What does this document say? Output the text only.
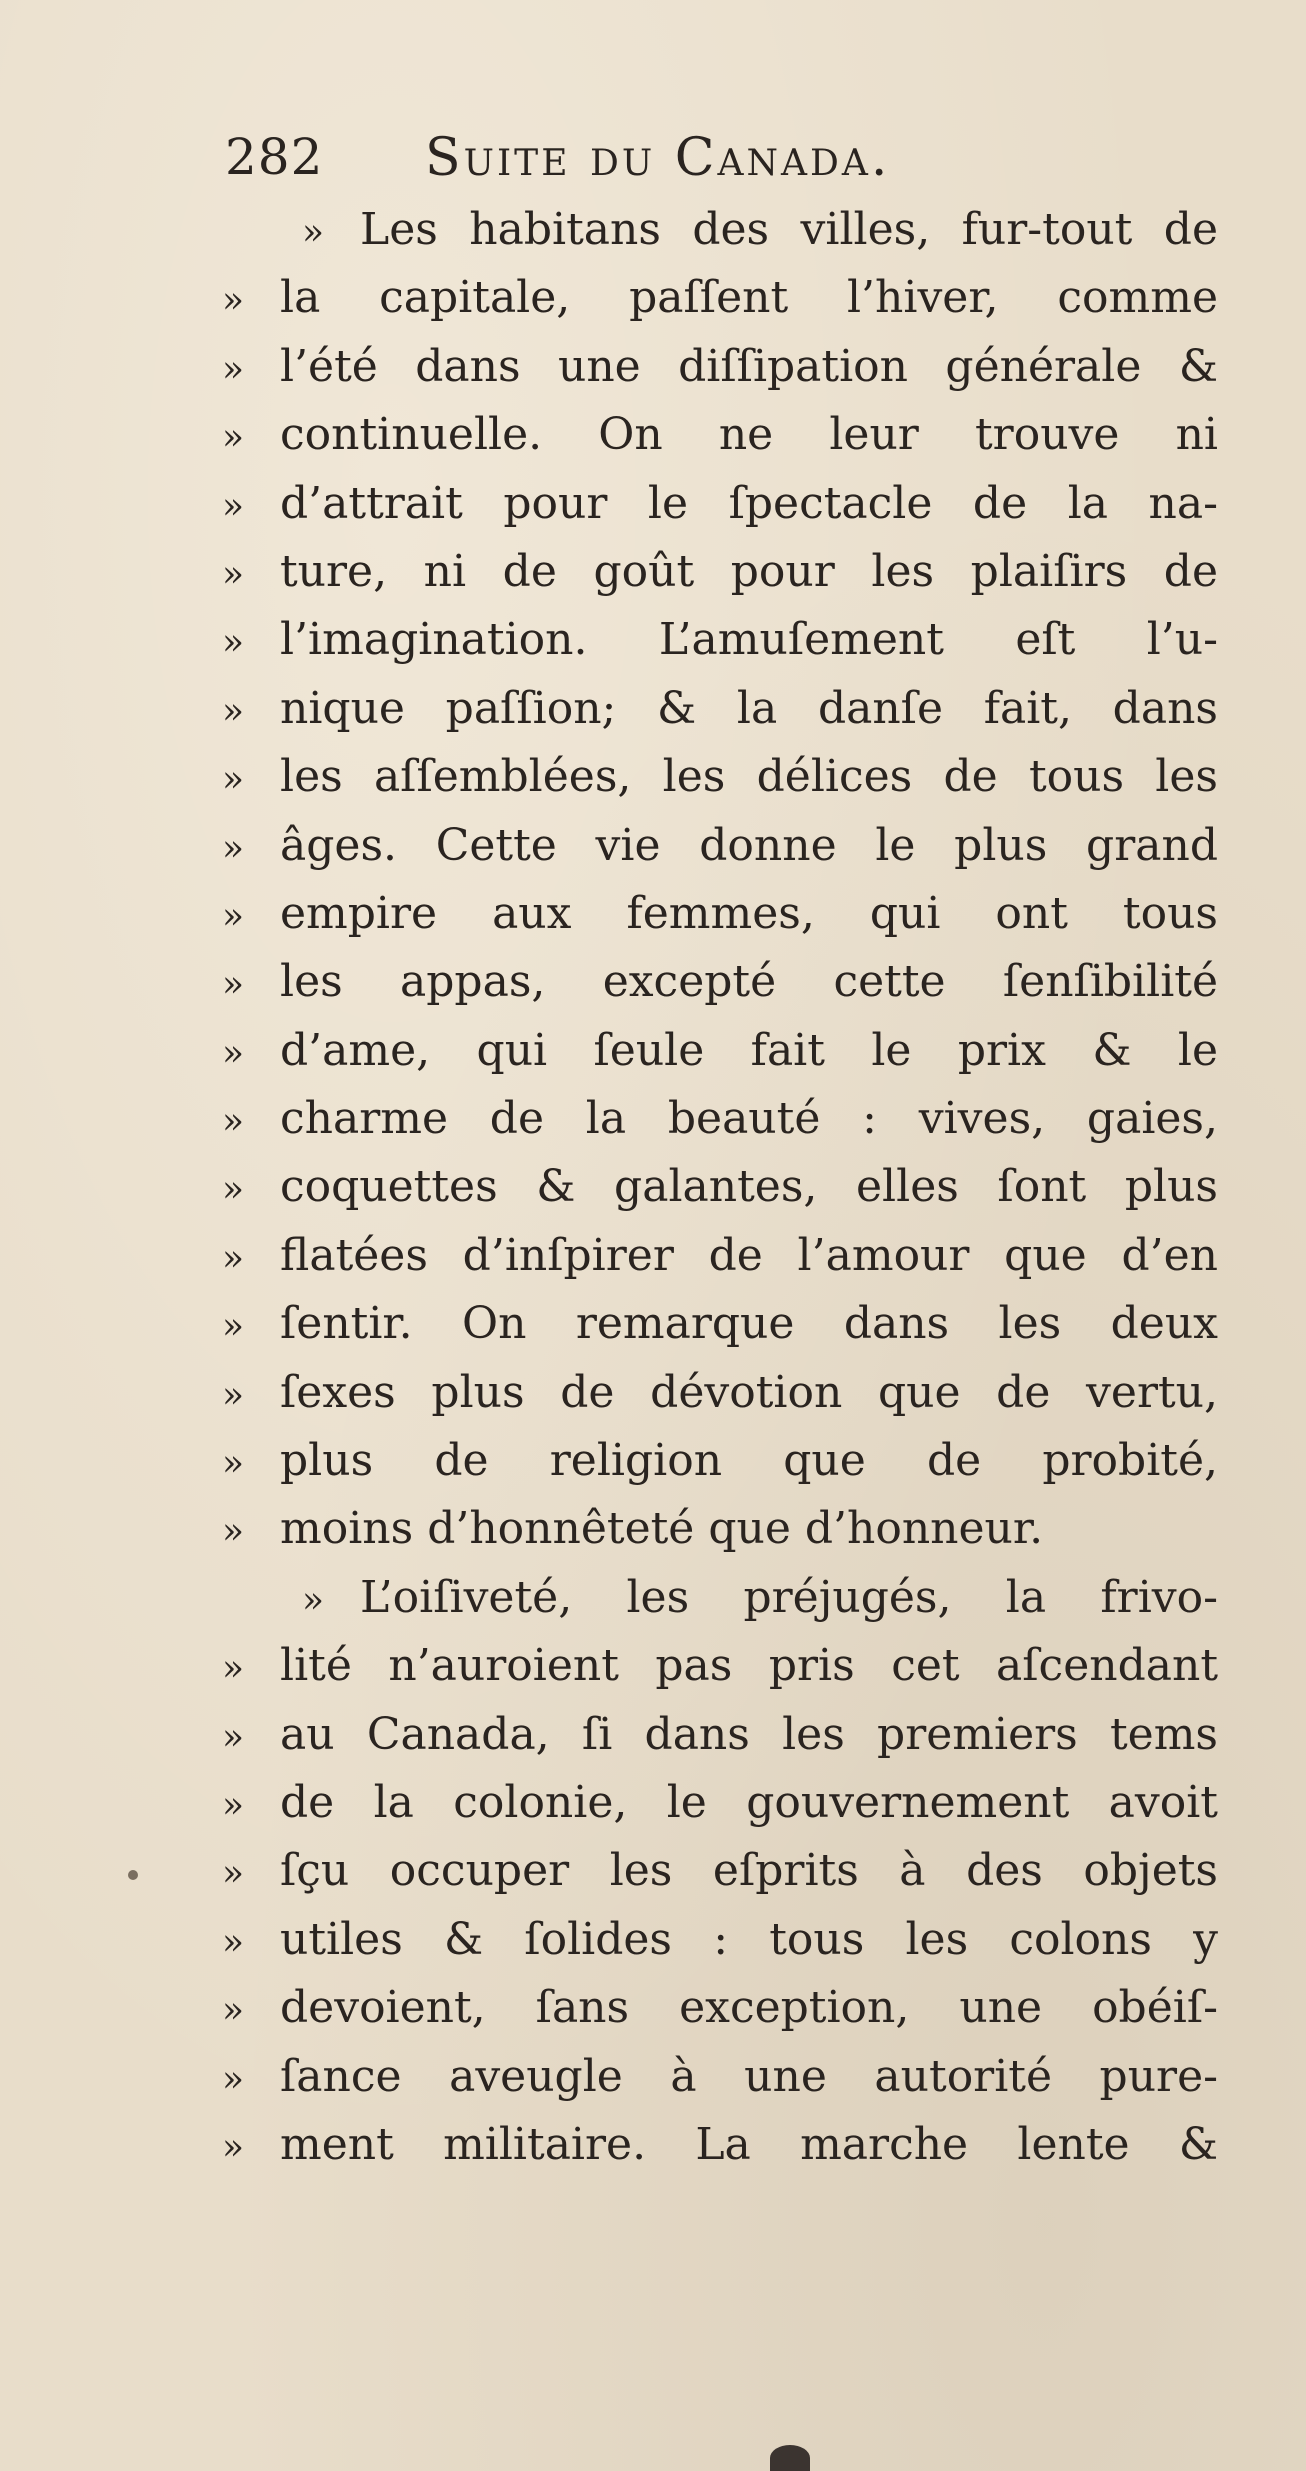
282 Suite du Canada.
» Les habitans des villes, fur-tout de
» la capitale, paſſent l’hiver, comme
» l’été dans une diſſipation générale &
» continuelle. On ne leur trouve ni
» d’attrait pour le ſpectacle de la na-
» ture, ni de goût pour les plaiſirs de
» l’imagination. L’amuſement eſt l’u-
» nique paſſion; & la danſe fait, dans
» les aſſemblées, les délices de tous les
» âges. Cette vie donne le plus grand
» empire aux femmes, qui ont tous
» les appas, excepté cette ſenſibilité
» d’ame, qui ſeule fait le prix & le
» charme de la beauté : vives, gaies,
» coquettes & galantes, elles ſont plus
» flatées d’inſpirer de l’amour que d’en
» ſentir. On remarque dans les deux
» ſexes plus de dévotion que de vertu,
» plus de religion que de probité,
» moins d’honnêteté que d’honneur.
» L’oiſiveté, les préjugés, la frivo-
» lité n’auroient pas pris cet aſcendant
» au Canada, ſi dans les premiers tems
» de la colonie, le gouvernement avoit
» ſçu occuper les eſprits à des objets
» utiles & ſolides : tous les colons y
» devoient, ſans exception, une obéiſ-
» ſance aveugle à une autorité pure-
» ment militaire. La marche lente &
